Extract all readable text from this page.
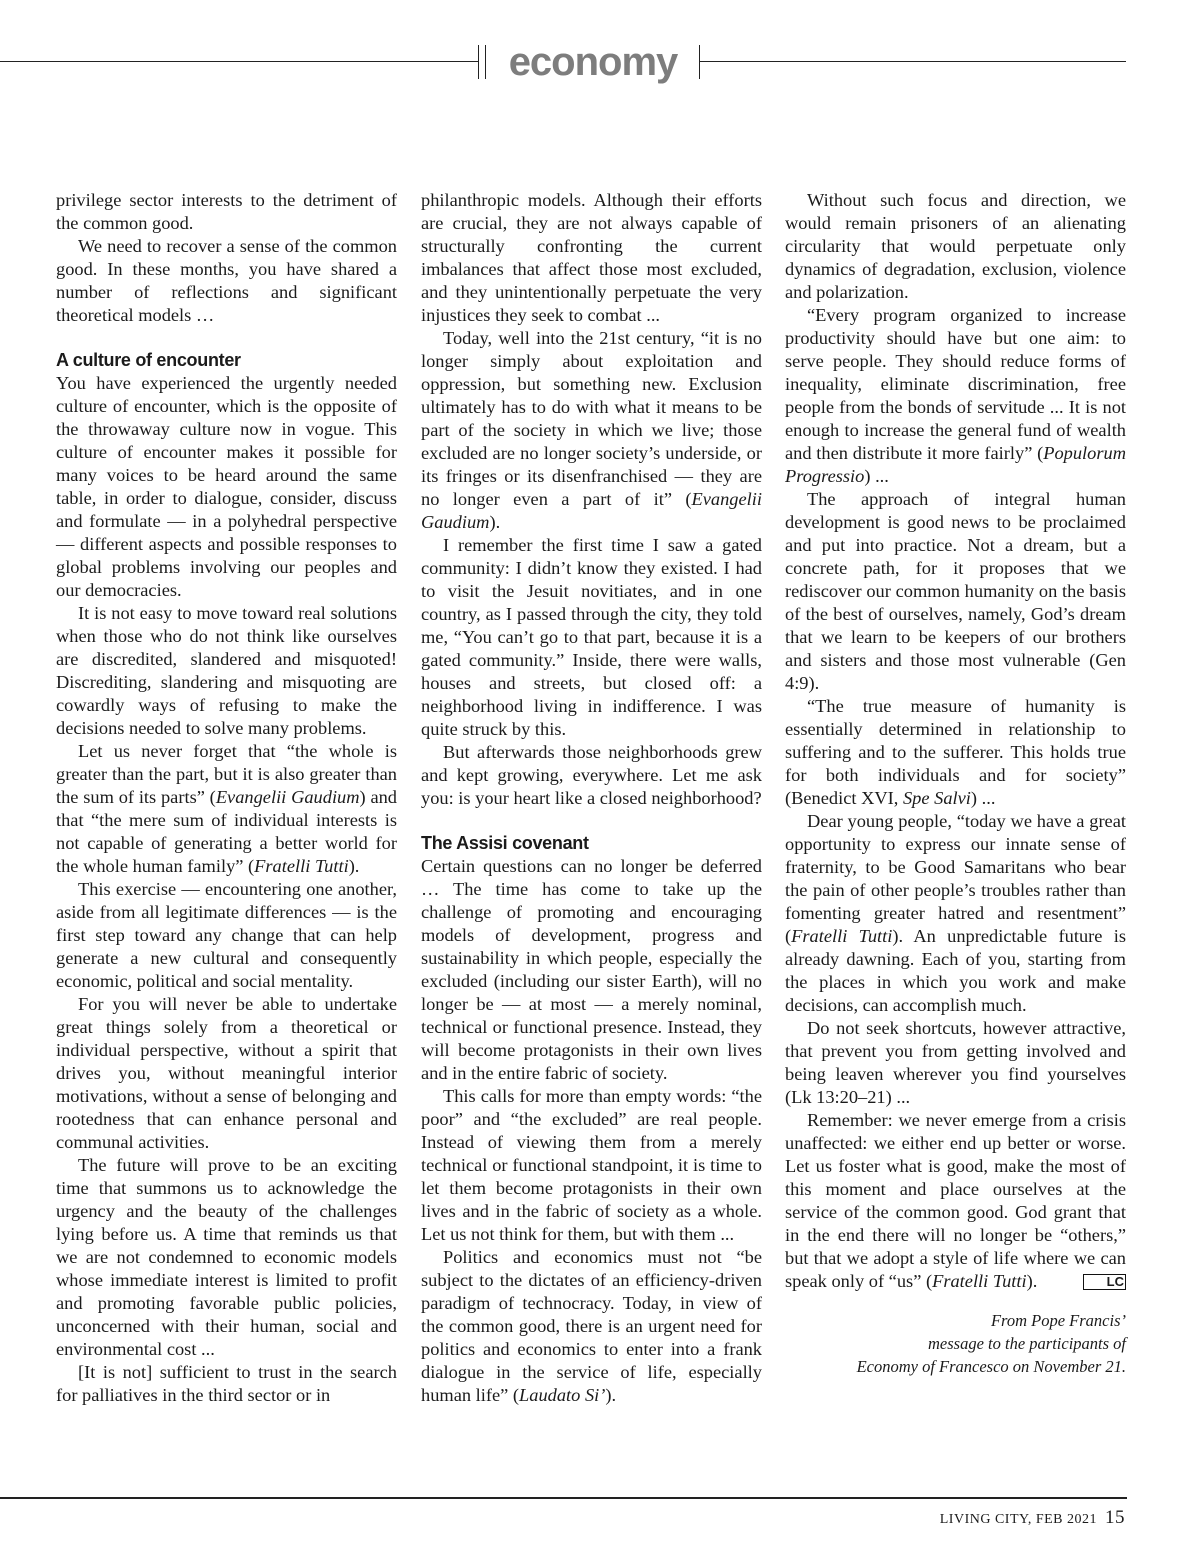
economy

privilege sector interests to the detriment of the common good.

We need to recover a sense of the common good. In these months, you have shared a number of reflections and significant theoretical models …

A culture of encounter

You have experienced the urgently needed culture of encounter, which is the opposite of the throwaway culture now in vogue. This culture of encounter makes it possible for many voices to be heard around the same table, in order to dialogue, consider, discuss and formulate — in a polyhedral perspective — different aspects and possible responses to global problems involving our peoples and our democracies.

It is not easy to move toward real solutions when those who do not think like ourselves are discredited, slandered and misquoted! Discrediting, slandering and misquoting are cowardly ways of refusing to make the decisions needed to solve many problems.

Let us never forget that “the whole is greater than the part, but it is also greater than the sum of its parts” (Evangelii Gaudium) and that “the mere sum of individual interests is not capable of generating a better world for the whole human family” (Fratelli Tutti).

This exercise — encountering one another, aside from all legitimate differences — is the first step toward any change that can help generate a new cultural and consequently economic, political and social mentality.

For you will never be able to undertake great things solely from a theoretical or individual perspective, without a spirit that drives you, without meaningful interior motivations, without a sense of belonging and rootedness that can enhance personal and communal activities.

The future will prove to be an exciting time that summons us to acknowledge the urgency and the beauty of the challenges lying before us. A time that reminds us that we are not condemned to economic models whose immediate interest is limited to profit and promoting favorable public policies, unconcerned with their human, social and environmental cost ...

[It is not] sufficient to trust in the search for palliatives in the third sector or in

philanthropic models. Although their efforts are crucial, they are not always capable of structurally confronting the current imbalances that affect those most excluded, and they unintentionally perpetuate the very injustices they seek to combat ...

Today, well into the 21st century, “it is no longer simply about exploitation and oppression, but something new. Exclusion ultimately has to do with what it means to be part of the society in which we live; those excluded are no longer society’s underside, or its fringes or its disenfranchised — they are no longer even a part of it” (Evangelii Gaudium).

I remember the first time I saw a gated community: I didn’t know they existed. I had to visit the Jesuit novitiates, and in one country, as I passed through the city, they told me, “You can’t go to that part, because it is a gated community.” Inside, there were walls, houses and streets, but closed off: a neighborhood living in indifference. I was quite struck by this.

But afterwards those neighborhoods grew and kept growing, everywhere. Let me ask you: is your heart like a closed neighborhood?

The Assisi covenant

Certain questions can no longer be deferred … The time has come to take up the challenge of promoting and encouraging models of development, progress and sustainability in which people, especially the excluded (including our sister Earth), will no longer be — at most — a merely nominal, technical or functional presence. Instead, they will become protagonists in their own lives and in the entire fabric of society.

This calls for more than empty words: “the poor” and “the excluded” are real people. Instead of viewing them from a merely technical or functional standpoint, it is time to let them become protagonists in their own lives and in the fabric of society as a whole. Let us not think for them, but with them ...

Politics and economics must not “be subject to the dictates of an efficiency-driven paradigm of technocracy. Today, in view of the common good, there is an urgent need for politics and economics to enter into a frank dialogue in the service of life, especially human life” (Laudato Si’).

Without such focus and direction, we would remain prisoners of an alienating circularity that would perpetuate only dynamics of degradation, exclusion, violence and polarization.

“Every program organized to increase productivity should have but one aim: to serve people. They should reduce forms of inequality, eliminate discrimination, free people from the bonds of servitude ... It is not enough to increase the general fund of wealth and then distribute it more fairly” (Populorum Progressio) ...

The approach of integral human development is good news to be proclaimed and put into practice. Not a dream, but a concrete path, for it proposes that we rediscover our common humanity on the basis of the best of ourselves, namely, God’s dream that we learn to be keepers of our brothers and sisters and those most vulnerable (Gen 4:9).

“The true measure of humanity is essentially determined in relationship to suffering and to the sufferer. This holds true for both individuals and for society” (Benedict XVI, Spe Salvi) ...

Dear young people, “today we have a great opportunity to express our innate sense of fraternity, to be Good Samaritans who bear the pain of other people’s troubles rather than fomenting greater hatred and resentment” (Fratelli Tutti). An unpredictable future is already dawning. Each of you, starting from the places in which you work and make decisions, can accomplish much.

Do not seek shortcuts, however attractive, that prevent you from getting involved and being leaven wherever you find yourselves (Lk 13:20–21) ...

Remember: we never emerge from a crisis unaffected: we either end up better or worse. Let us foster what is good, make the most of this moment and place ourselves at the service of the common good. God grant that in the end there will no longer be “others,” but that we adopt a style of life where we can speak only of “us” (Fratelli Tutti).	LC

From Pope Francis’
message to the participants of
Economy of Francesco on November 21.
LIVING CITY, FEB 2021 15
